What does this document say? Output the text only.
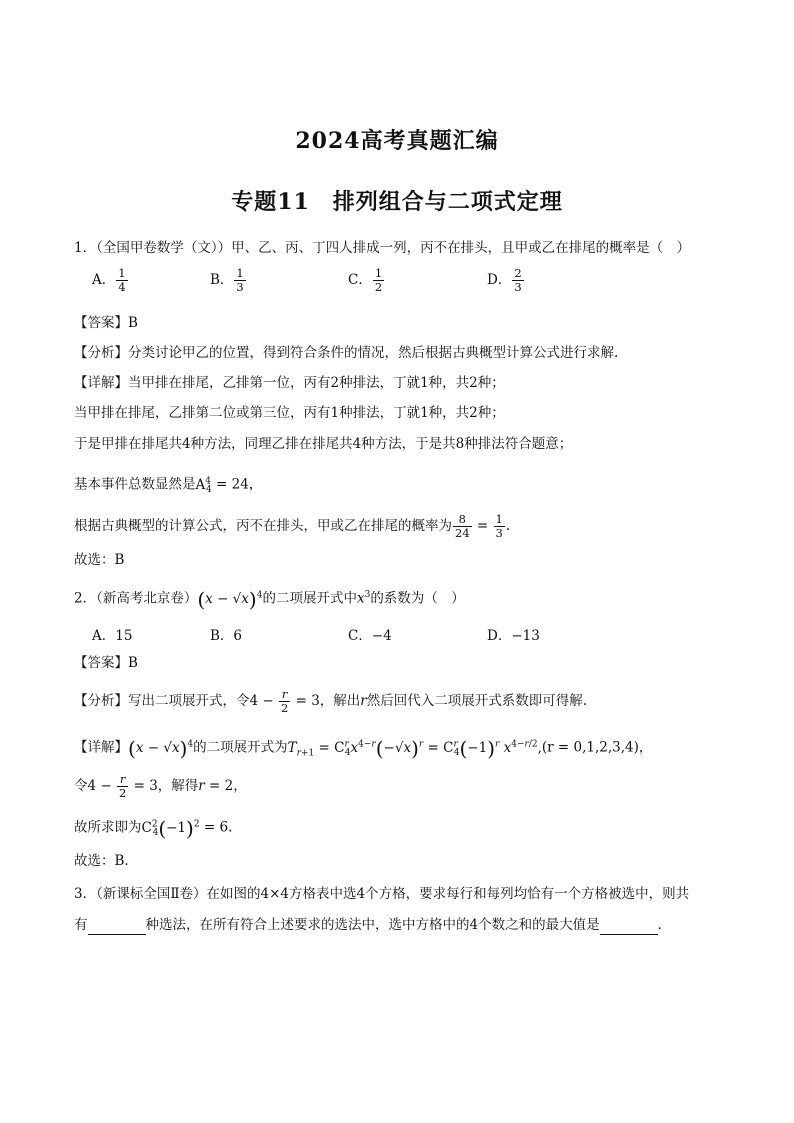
2024高考真题汇编
专题11　排列组合与二项式定理
1．（全国甲卷数学（文））甲、乙、丙、丁四人排成一列，丙不在排头，且甲或乙在排尾的概率是（　）
A． $\frac{1}{4}$	B． $\frac{1}{3}$	C． $\frac{1}{2}$	D． $\frac{2}{3}$
【答案】B
【分析】分类讨论甲乙的位置，得到符合条件的情况，然后根据古典概型计算公式进行求解.
【详解】当甲排在排尾，乙排第一位，丙有2种排法，丁就1种，共2种；
当甲排在排尾，乙排第二位或第三位，丙有1种排法，丁就1种，共2种；
于是甲排在排尾共4种方法，同理乙排在排尾共4种方法，于是共8种排法符合题意；
基本事件总数显然是$A^4_4 = 24$，
根据古典概型的计算公式，丙不在排头，甲或乙在排尾的概率为 $\frac{8}{24} = \frac{1}{3}$ .
故选：B
2．（新高考北京卷）$(x - √x)^4$的二项展开式中$x^3$的系数为（　）
A．15	B．6	C．−4	D．−13
【答案】B
【分析】写出二项展开式，令$4 - \frac{r}{2} = 3$，解出r然后回代入二项展开式系数即可得解.
【详解】$(x - √x)^4$的二项展开式为$T_{r+1} = C^r_4x^{4-r}(-√x)^r = C^r_4(-1)^r$ $x^{4-r/2},(r = 0,1,2,3,4)$，
令$4 - \frac{r}{2} = 3$，解得r = 2，
故所求即为$C^2_4(-1)^2 = 6$.
故选：B.
3．（新课标全国Ⅱ卷）在如图的4×4方格表中选4个方格，要求每行和每列均恰有一个方格被选中，则共
有	种选法，在所有符合上述要求的选法中，选中方格中的4个数之和的最大值是	．
